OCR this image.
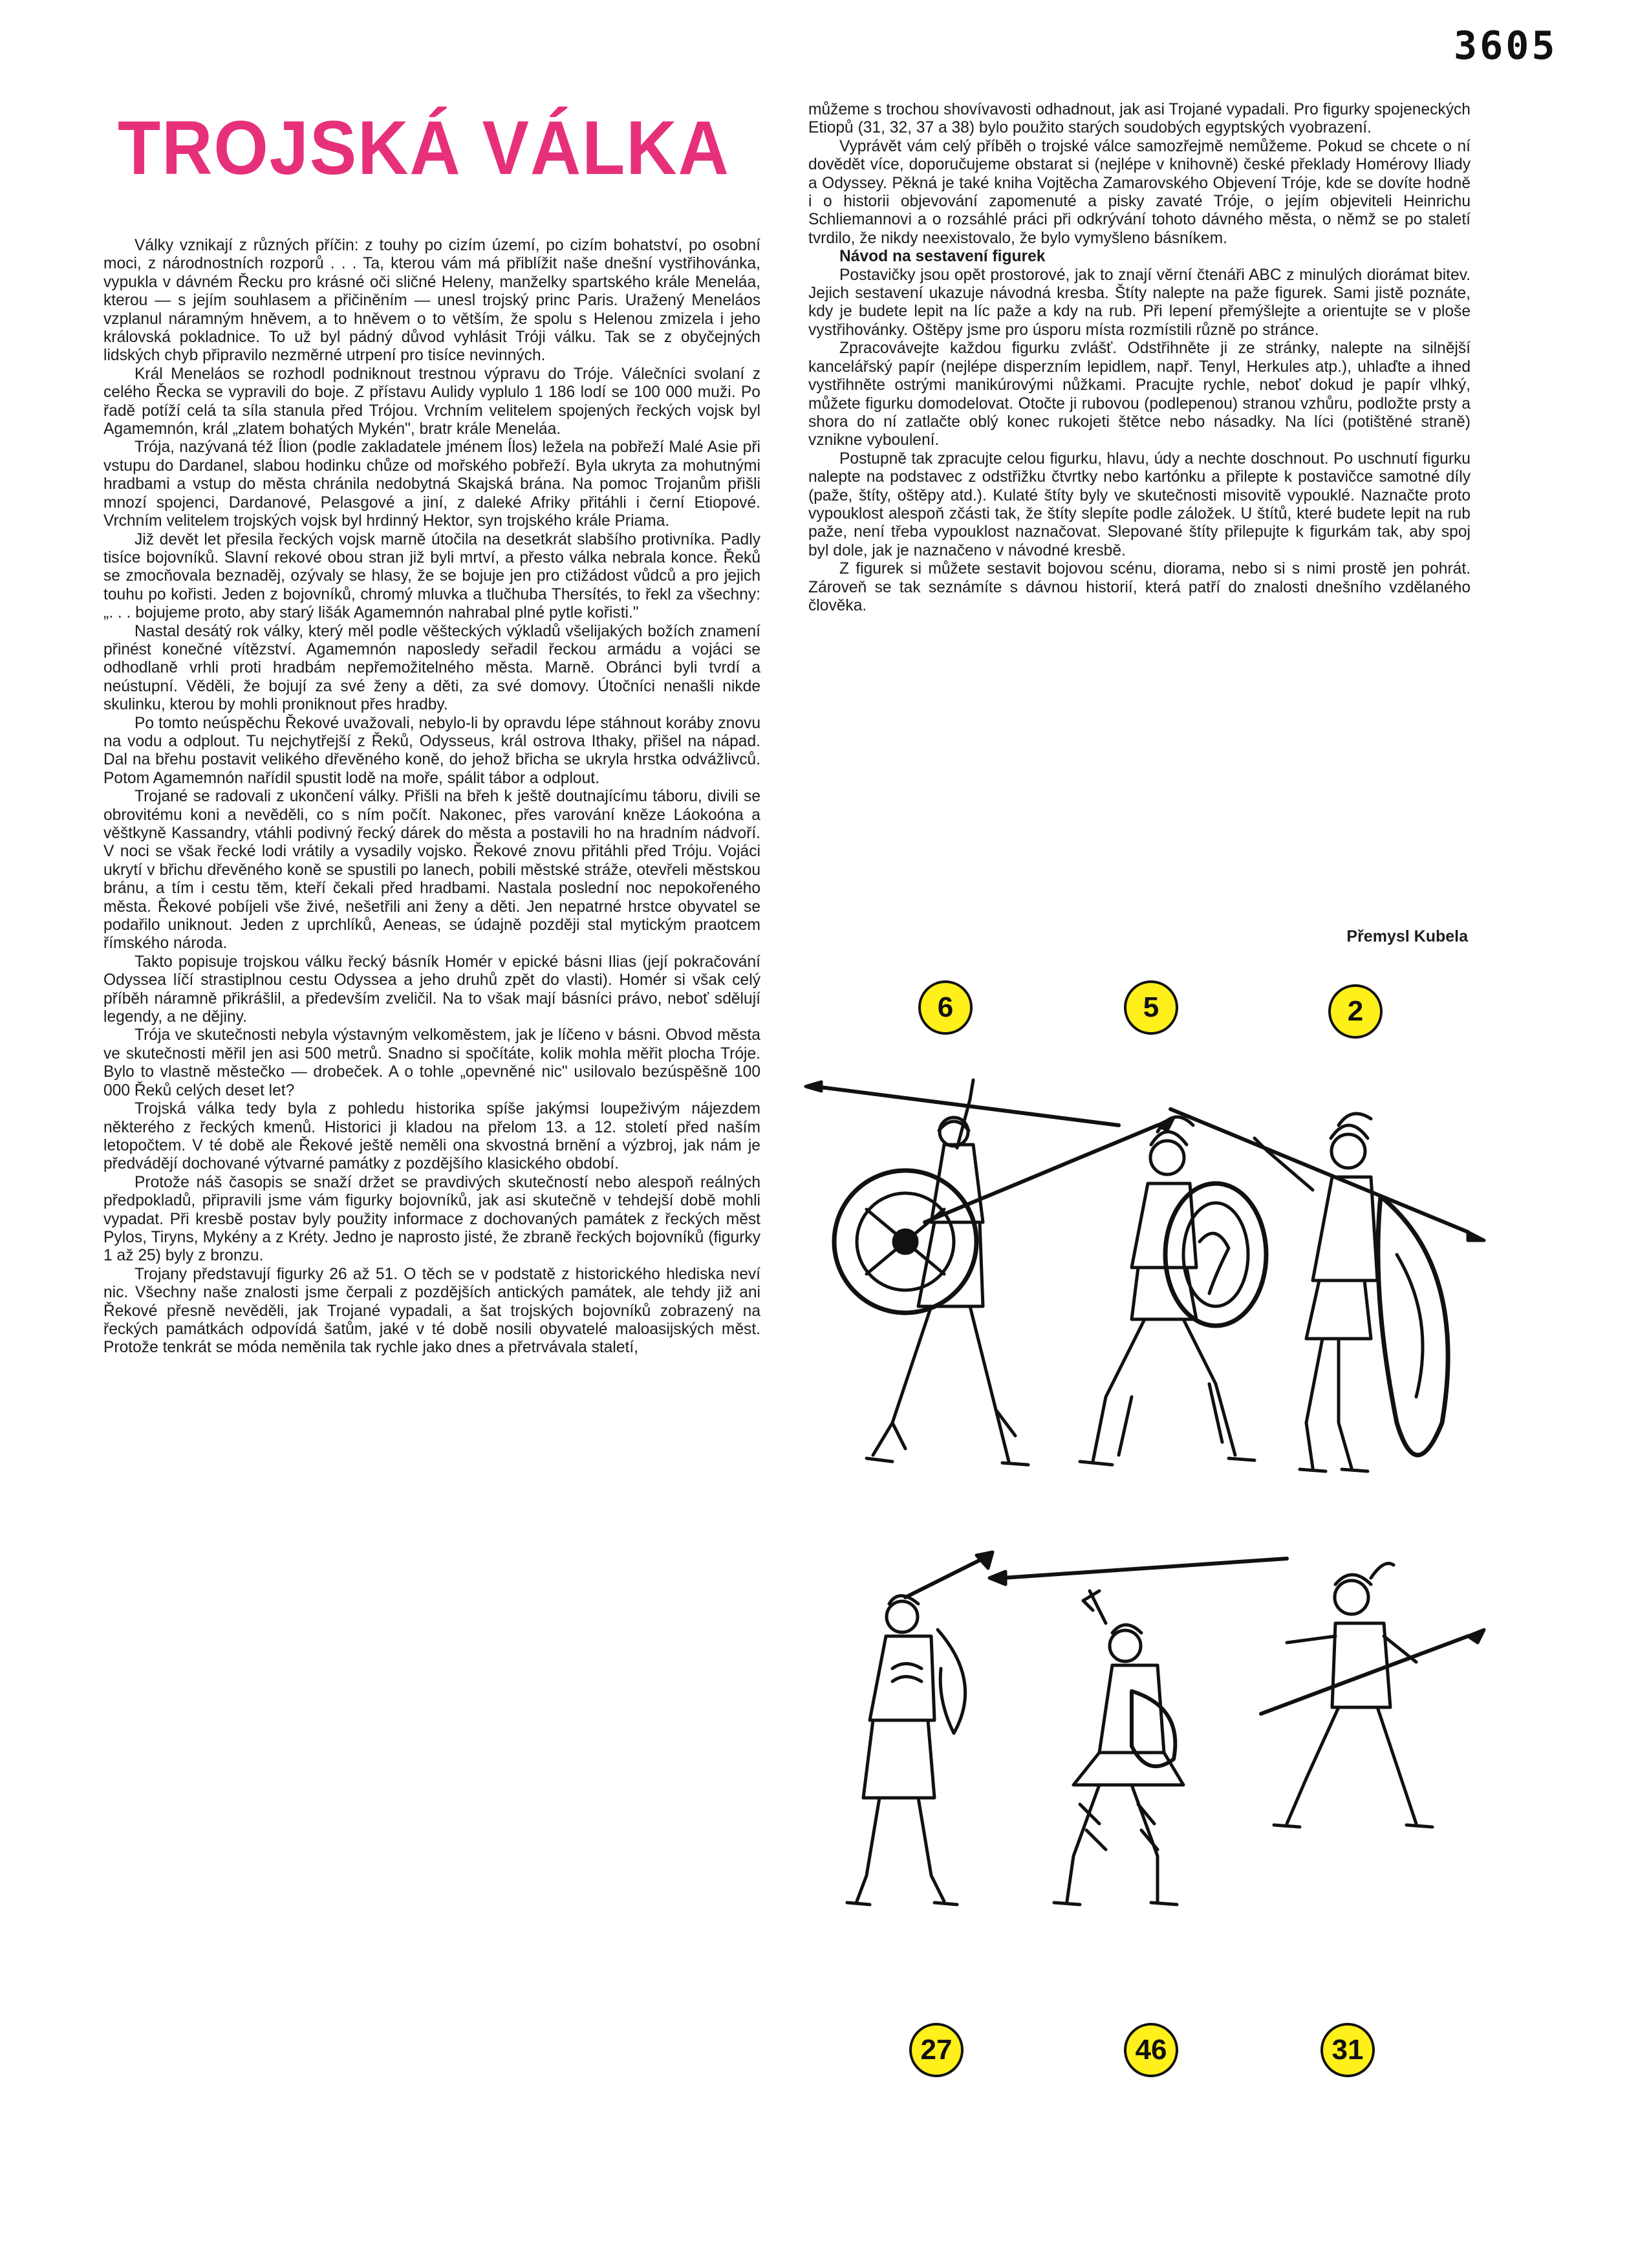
3605
TROJSKÁ VÁLKA

Války vznikají z různých příčin: z touhy po cizím území, po cizím bohatství, po osobní moci, z národnostních rozporů . . . Ta, kterou vám má přiblížit naše dnešní vystřihovánka, vypukla v dávném Řecku pro krásné oči sličné Heleny, manželky spartského krále Meneláa, kterou — s jejím souhlasem a přičiněním — unesl trojský princ Paris. Uražený Meneláos vzplanul náramným hněvem, a to hněvem o to větším, že spolu s Helenou zmizela i jeho královská pokladnice. To už byl pádný důvod vyhlásit Tróji válku. Tak se z obyčejných lidských chyb připravilo nezměrné utrpení pro tisíce nevinných.

Král Meneláos se rozhodl podniknout trestnou výpravu do Tróje. Válečníci svolaní z celého Řecka se vypravili do boje. Z přístavu Aulidy vyplulo 1 186 lodí se 100 000 muži. Po řadě potíží celá ta síla stanula před Trójou. Vrchním velitelem spojených řeckých vojsk byl Agamemnón, král „zlatem bohatých Mykén", bratr krále Meneláa.

Trója, nazývaná též Ílion (podle zakladatele jménem Ílos) ležela na pobřeží Malé Asie při vstupu do Dardanel, slabou hodinku chůze od mořského pobřeží. Byla ukryta za mohutnými hradbami a vstup do města chránila nedobytná Skajská brána. Na pomoc Trojanům přišli mnozí spojenci, Dardanové, Pelasgové a jiní, z daleké Afriky přitáhli i černí Etiopové. Vrchním velitelem trojských vojsk byl hrdinný Hektor, syn trojského krále Priama.

Již devět let přesila řeckých vojsk marně útočila na desetkrát slabšího protivníka. Padly tisíce bojovníků. Slavní rekové obou stran již byli mrtví, a přesto válka nebrala konce. Řeků se zmocňovala beznaděj, ozývaly se hlasy, že se bojuje jen pro ctižádost vůdců a pro jejich touhu po kořisti. Jeden z bojovníků, chromý mluvka a tlučhuba Thersítés, to řekl za všechny: „. . . bojujeme proto, aby starý lišák Agamemnón nahrabal plné pytle kořisti."

Nastal desátý rok války, který měl podle věšteckých výkladů všelijakých božích znamení přinést konečné vítězství. Agamemnón naposledy seřadil řeckou armádu a vojáci se odhodlaně vrhli proti hradbám nepřemožitelného města. Marně. Obránci byli tvrdí a neústupní. Věděli, že bojují za své ženy a děti, za své domovy. Útočníci nenašli nikde skulinku, kterou by mohli proniknout přes hradby.

Po tomto neúspěchu Řekové uvažovali, nebylo-li by opravdu lépe stáhnout koráby znovu na vodu a odplout. Tu nejchytřejší z Řeků, Odysseus, král ostrova Ithaky, přišel na nápad. Dal na břehu postavit velikého dřevěného koně, do jehož břicha se ukryla hrstka odvážlivců. Potom Agamemnón nařídil spustit lodě na moře, spálit tábor a odplout.

Trojané se radovali z ukončení války. Přišli na břeh k ještě doutnajícímu táboru, divili se obrovitému koni a nevěděli, co s ním počít. Nakonec, přes varování kněze Láokoóna a věštkyně Kassandry, vtáhli podivný řecký dárek do města a postavili ho na hradním nádvoří. V noci se však řecké lodi vrátily a vysadily vojsko. Řekové znovu přitáhli před Tróju. Vojáci ukrytí v břichu dřevěného koně se spustili po lanech, pobili městské stráže, otevřeli městskou bránu, a tím i cestu těm, kteří čekali před hradbami. Nastala poslední noc nepokořeného města. Řekové pobíjeli vše živé, nešetřili ani ženy a děti. Jen nepatrné hrstce obyvatel se podařilo uniknout. Jeden z uprchlíků, Aeneas, se údajně později stal mytickým praotcem římského národa.

Takto popisuje trojskou válku řecký básník Homér v epické básni Ilias (její pokračování Odyssea líčí strastiplnou cestu Odyssea a jeho druhů zpět do vlasti). Homér si však celý příběh náramně přikrášlil, a především zveličil. Na to však mají básníci právo, neboť sdělují legendy, a ne dějiny.

Trója ve skutečnosti nebyla výstavným velkoměstem, jak je líčeno v básni. Obvod města ve skutečnosti měřil jen asi 500 metrů. Snadno si spočítáte, kolik mohla měřit plocha Tróje. Bylo to vlastně městečko — drobeček. A o tohle „opevněné nic" usilovalo bezúspěšně 100 000 Řeků celých deset let?

Trojská válka tedy byla z pohledu historika spíše jakýmsi loupeživým nájezdem některého z řeckých kmenů. Historici ji kladou na přelom 13. a 12. století před naším letopočtem. V té době ale Řekové ještě neměli ona skvostná brnění a výzbroj, jak nám je předvádějí dochované výtvarné památky z pozdějšího klasického období.

Protože náš časopis se snaží držet se pravdivých skutečností nebo alespoň reálných předpokladů, připravili jsme vám figurky bojovníků, jak asi skutečně v tehdejší době mohli vypadat. Při kresbě postav byly použity informace z dochovaných památek z řeckých měst Pylos, Tiryns, Mykény a z Kréty. Jedno je naprosto jisté, že zbraně řeckých bojovníků (figurky 1 až 25) byly z bronzu.

Trojany představují figurky 26 až 51. O těch se v podstatě z historického hlediska neví nic. Všechny naše znalosti jsme čerpali z pozdějších antických památek, ale tehdy již ani Řekové přesně nevěděli, jak Trojané vypadali, a šat trojských bojovníků zobrazený na řeckých památkách odpovídá šatům, jaké v té době nosili obyvatelé maloasijských měst. Protože tenkrát se móda neměnila tak rychle jako dnes a přetrvávala staletí,

můžeme s trochou shovívavosti odhadnout, jak asi Trojané vypadali. Pro figurky spojeneckých Etiopů (31, 32, 37 a 38) bylo použito starých soudobých egyptských vyobrazení.

Vyprávět vám celý příběh o trojské válce samozřejmě nemůžeme. Pokud se chcete o ní dovědět více, doporučujeme obstarat si (nejlépe v knihovně) české překlady Homérovy Iliady a Odyssey. Pěkná je také kniha Vojtěcha Zamarovského Objevení Tróje, kde se dovíte hodně i o historii objevování zapomenuté a pisky zavaté Tróje, o jejím objeviteli Heinrichu Schliemannovi a o rozsáhlé práci při odkrývání tohoto dávného města, o němž se po staletí tvrdilo, že nikdy neexistovalo, že bylo vymyšleno básníkem.

Návod na sestavení figurek

Postavičky jsou opět prostorové, jak to znají věrní čtenáři ABC z minulých diorámat bitev. Jejich sestavení ukazuje návodná kresba. Štíty nalepte na paže figurek. Sami jistě poznáte, kdy je budete lepit na líc paže a kdy na rub. Při lepení přemýšlejte a orientujte se v ploše vystřihovánky. Oštěpy jsme pro úsporu místa rozmístili různě po stránce.

Zpracovávejte každou figurku zvlášť. Odstřihněte ji ze stránky, nalepte na silnější kancelářský papír (nejlépe disperzním lepidlem, např. Tenyl, Herkules atp.), uhlaďte a ihned vystřihněte ostrými manikúrovými nůžkami. Pracujte rychle, neboť dokud je papír vlhký, můžete figurku domodelovat. Otočte ji rubovou (podlepenou) stranou vzhůru, podložte prsty a shora do ní zatlačte oblý konec rukojeti štětce nebo násadky. Na líci (potištěné straně) vznikne vyboulení.

Postupně tak zpracujte celou figurku, hlavu, údy a nechte doschnout. Po uschnutí figurku nalepte na podstavec z odstřižku čtvrtky nebo kartónku a přilepte k postavičce samotné díly (paže, štíty, oštěpy atd.). Kulaté štíty byly ve skutečnosti misovitě vypouklé. Naznačte proto vypouklost alespoň zčásti tak, že štíty slepíte podle záložek. U štítů, které budete lepit na rub paže, není třeba vypouklost naznačovat. Slepované štíty přilepujte k figurkám tak, aby spoj byl dole, jak je naznačeno v návodné kresbě.

Z figurek si můžete sestavit bojovou scénu, diorama, nebo si s nimi prostě jen pohrát. Zároveň se tak seznámíte s dávnou historií, která patří do znalosti dnešního vzdělaného člověka.

Přemysl Kubela
6	5	2
27	46	31
